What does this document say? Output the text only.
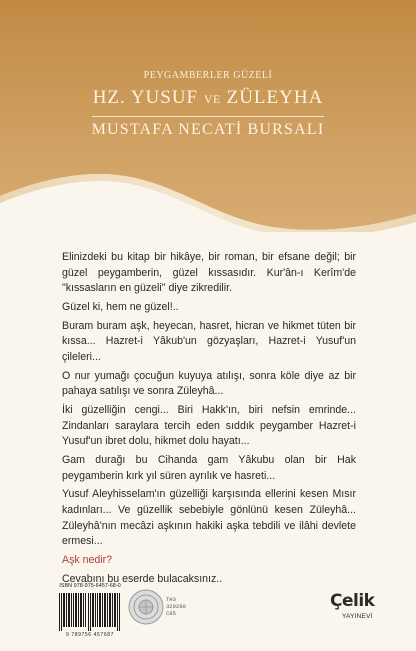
PEYGAMBERLER GÜZELİ
HZ. YUSUF VE ZÜLEYHA
MUSTAFA NECATİ BURSALI

Elinizdeki bu kitap bir hikâye, bir roman, bir efsane değil; bir güzel peygamberin, güzel kıssasıdır. Kur'ân-ı Kerîm'de "kıssasların en güzeli" diye zikredilir.

Güzel ki, hem ne güzel!..

Buram buram aşk, heyecan, hasret, hicran ve hikmet tüten bir kıssa... Hazret-i Yâkub'un gözyaşları, Hazret-i Yusuf'un çileleri...

O nur yumağı çocuğun kuyuya atılışı, sonra köle diye az bir pahaya satılışı ve sonra Züleyhâ...

İki güzelliğin cengi... Biri Hakk'ın, biri nefsin emrinde... Zindanları saraylara tercih eden sıddık peygamber Hazret-i Yusuf'un ibret dolu, hikmet dolu hayatı...

Gam durağı bu Cihanda gam Yâkubu olan bir Hak peygamberin kırk yıl süren ayrılık ve hasreti...

Yusuf Aleyhisselam'ın güzelliği karşısında ellerini kesen Mısır kadınları... Ve güzellik sebebiyle gönlünü kesen Züleyhâ... Züleyhâ'nın mecâzi aşkının hakiki aşka tebdili ve ilâhi devlete ermesi...

Aşk nedir?

Cevabını bu eserde bulacaksınız..

ISBN 978-975-6457-68-0
9 789756 457687
TH3
320260
C85
Çelik
YAYINEVİ
